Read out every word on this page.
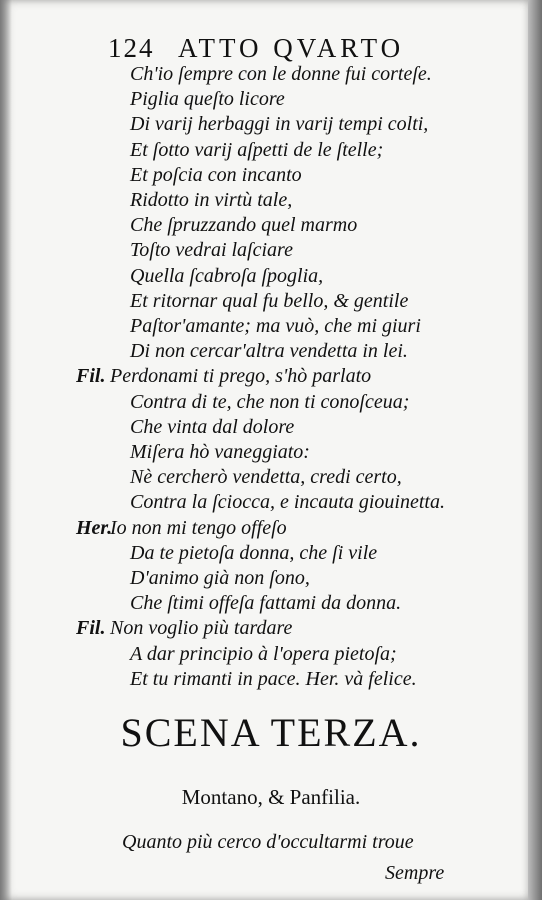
124 ATTO QVARTO
Ch'io ſempre con le donne fui corteſe.
Piglia queſto licore
Di varij herbaggi in varij tempi colti,
Et ſotto varij aſpetti de le ſtelle;
Et poſcia con incanto
Ridotto in virtù tale,
Che ſpruzzando quel marmo
Toſto vedrai laſciare
Quella ſcabroſa ſpoglia,
Et ritornar qual fu bello, & gentile
Paſtor'amante; ma vuò, che mi giuri
Di non cercar'altra vendetta in lei.
Fil. Perdonami ti prego, s'hò parlato
Contra di te, che non ti conoſceua;
Che vinta dal dolore
Miſera hò vaneggiato:
Nè cercherò vendetta, credi certo,
Contra la ſciocca, e incauta giouinetta.
Her.
Io non mi tengo offeſo
Da te pietoſa donna, che ſi vile
D'animo già non ſono,
Che ſtimi offeſa fattami da donna.
Fil. Non voglio più tardare
A dar principio à l'opera pietoſa;
Et tu rimanti in pace. Her. và felice.
SCENA TERZA.
Montano, & Panfilia.
Quanto più cerco d'occultarmi troue
Sempre
